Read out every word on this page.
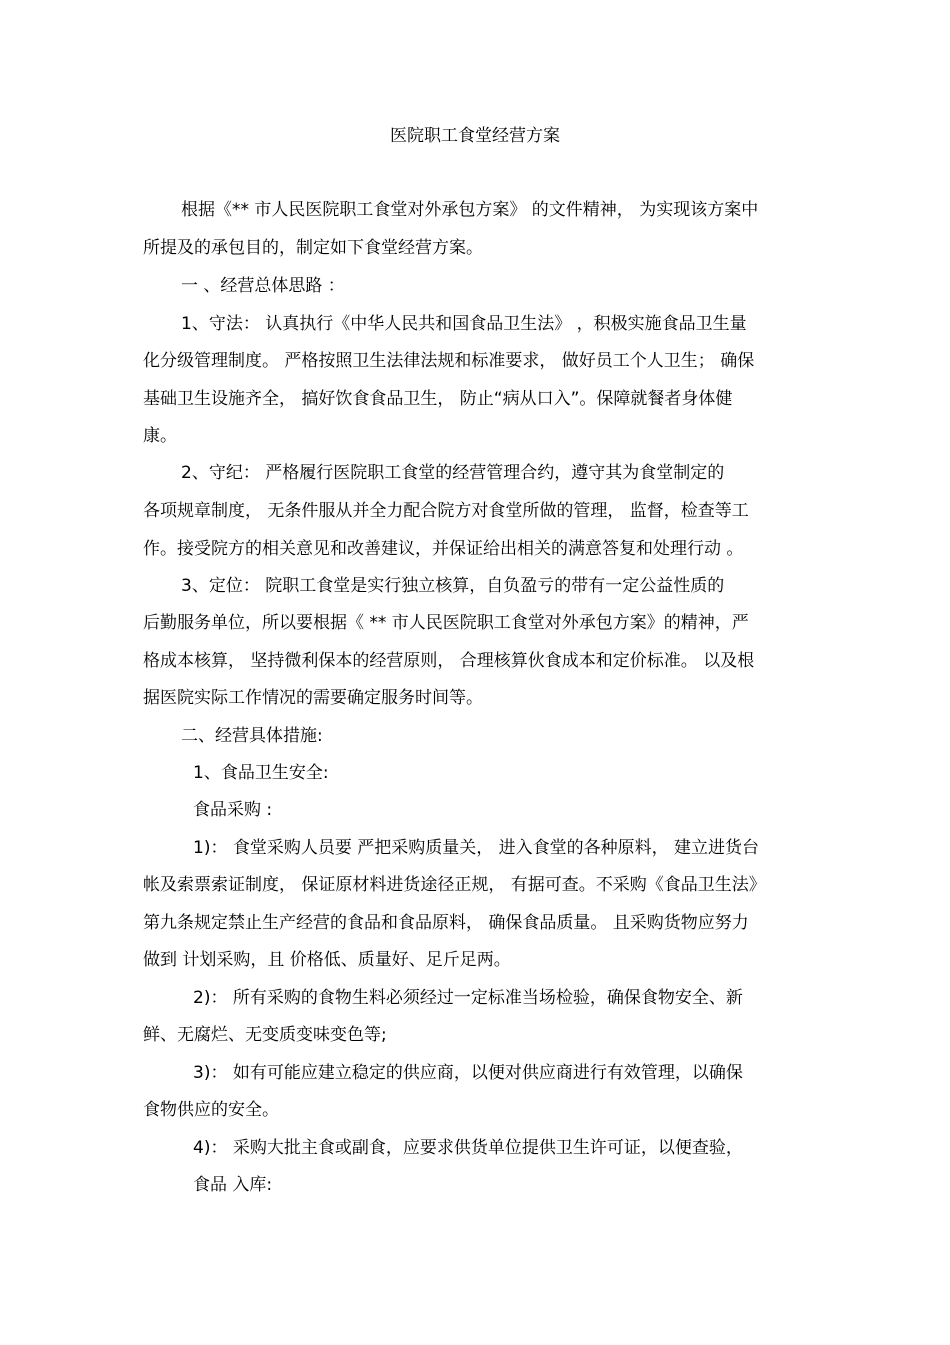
医院职工食堂经营方案

根据《** 市人民医院职工食堂对外承包方案》 的文件精神， 为实现该方案中

所提及的承包目的，制定如下食堂经营方案。

一 、经营总体思路 ：

1、守法： 认真执行《中华人民共和国食品卫生法》 ，积极实施食品卫生量

化分级管理制度。 严格按照卫生法律法规和标准要求， 做好员工个人卫生； 确保

基础卫生设施齐全， 搞好饮食食品卫生， 防止“病从口入”。保障就餐者身体健

康。

2、守纪： 严格履行医院职工食堂的经营管理合约，遵守其为食堂制定的

各项规章制度， 无条件服从并全力配合院方对食堂所做的管理， 监督，检查等工

作。接受院方的相关意见和改善建议，并保证给出相关的满意答复和处理行动 。

3、定位： 院职工食堂是实行独立核算，自负盈亏的带有一定公益性质的

后勤服务单位，所以要根据《 ** 市人民医院职工食堂对外承包方案》的精神，严

格成本核算， 坚持微利保本的经营原则， 合理核算伙食成本和定价标准。 以及根

据医院实际工作情况的需要确定服务时间等。

二、经营具体措施:

1、食品卫生安全:

食品采购 :

1)： 食堂采购人员要 严把采购质量关， 进入食堂的各种原料， 建立进货台

帐及索票索证制度， 保证原材料进货途径正规， 有据可查。不采购《食品卫生法》

第九条规定禁止生产经营的食品和食品原料， 确保食品质量。 且采购货物应努力

做到 计划采购，且 价格低、质量好、足斤足两。

2)： 所有采购的食物生料必须经过一定标准当场检验，确保食物安全、新

鲜、无腐烂、无变质变味变色等;

3)： 如有可能应建立稳定的供应商，以便对供应商进行有效管理，以确保

食物供应的安全。

4)： 采购大批主食或副食，应要求供货单位提供卫生许可证，以便查验，

食品 入库:
